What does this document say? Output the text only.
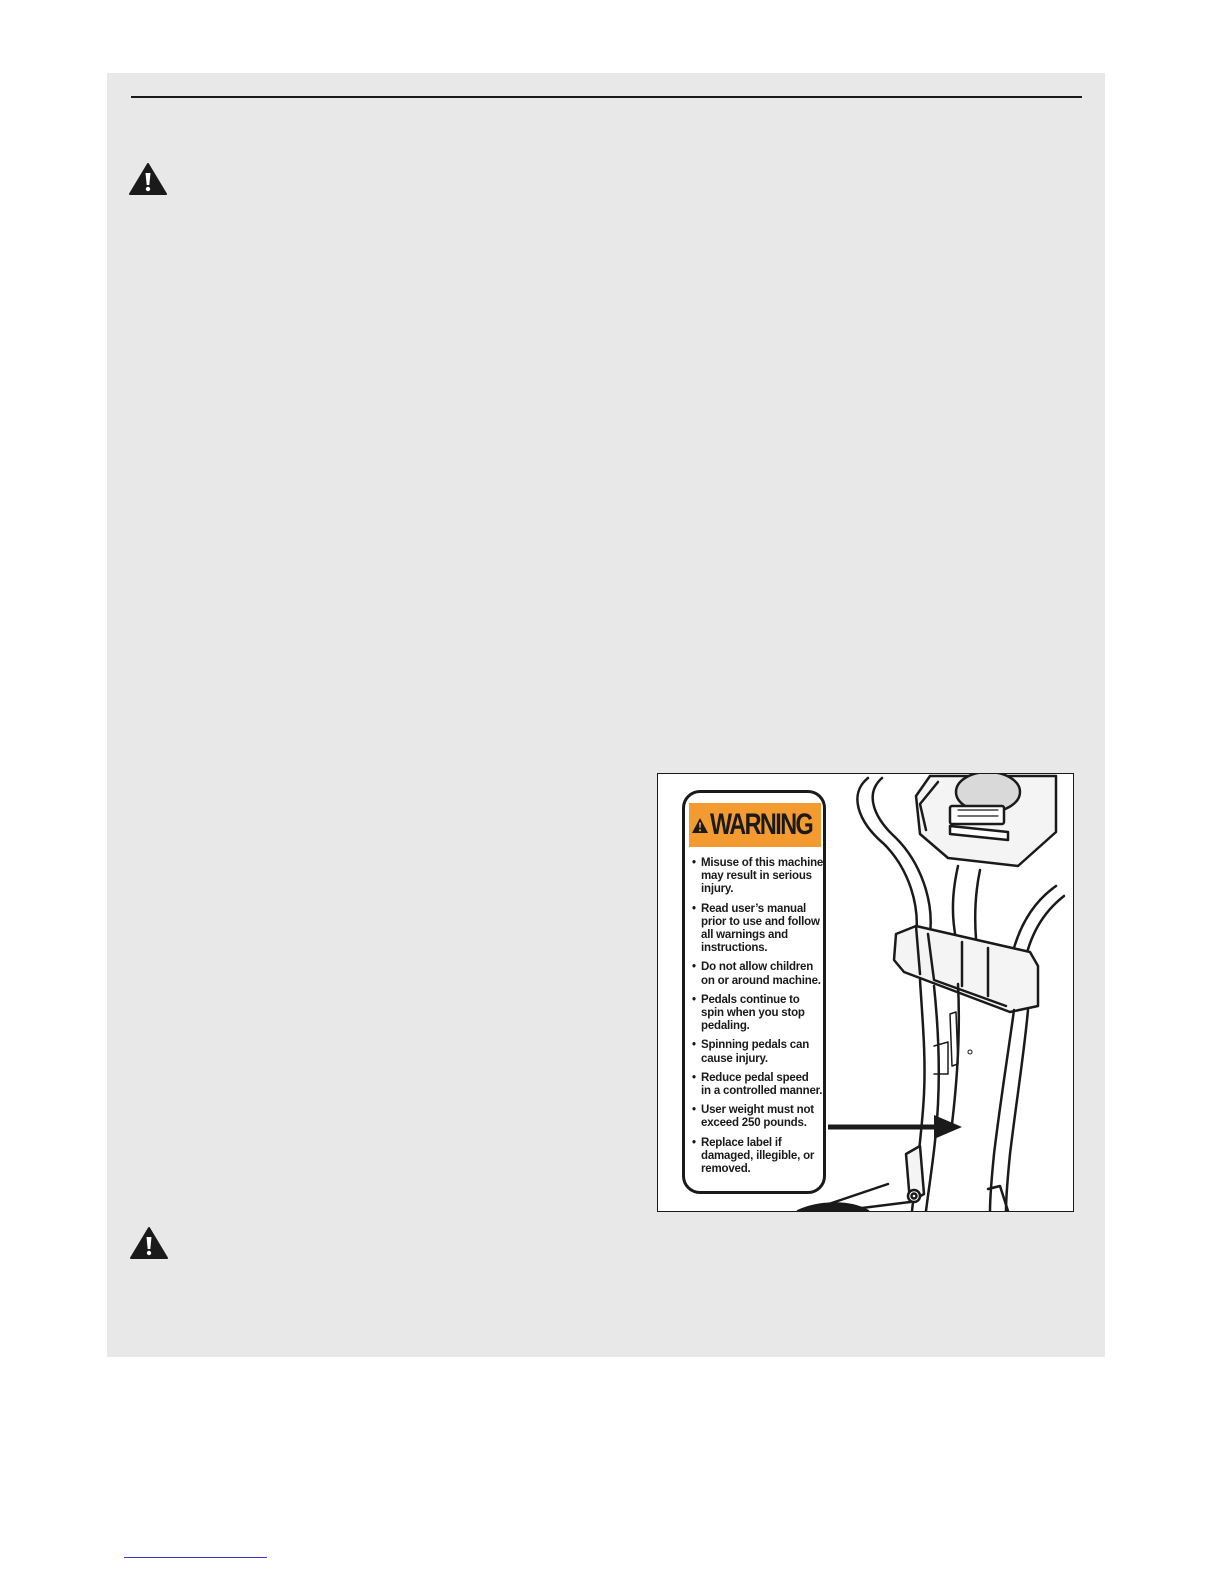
WARNING
• Misuse of this machine
may result in serious
injury.
• Read user’s manual
prior to use and follow
all warnings and
instructions.
• Do not allow children
on or around machine.
• Pedals continue to
spin when you stop
pedaling.
• Spinning pedals can
cause injury.
• Reduce pedal speed
in a controlled manner.
• User weight must not
exceed 250 pounds.
• Replace label if
damaged, illegible, or
removed.
